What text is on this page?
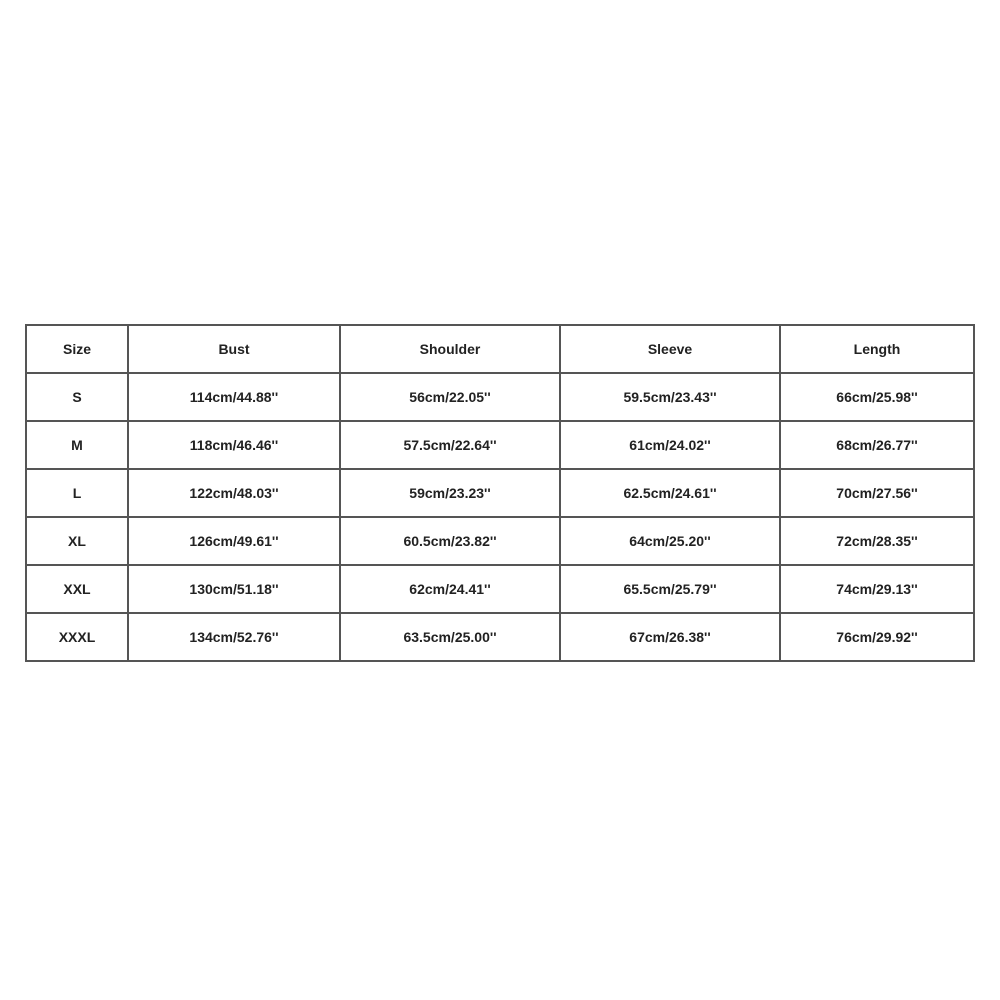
Size	Bust	Shoulder	Sleeve	Length
S	114cm/44.88''	56cm/22.05''	59.5cm/23.43''	66cm/25.98''
M	118cm/46.46''	57.5cm/22.64''	61cm/24.02''	68cm/26.77''
L	122cm/48.03''	59cm/23.23''	62.5cm/24.61''	70cm/27.56''
XL	126cm/49.61''	60.5cm/23.82''	64cm/25.20''	72cm/28.35''
XXL	130cm/51.18''	62cm/24.41''	65.5cm/25.79''	74cm/29.13''
XXXL	134cm/52.76''	63.5cm/25.00''	67cm/26.38''	76cm/29.92''
